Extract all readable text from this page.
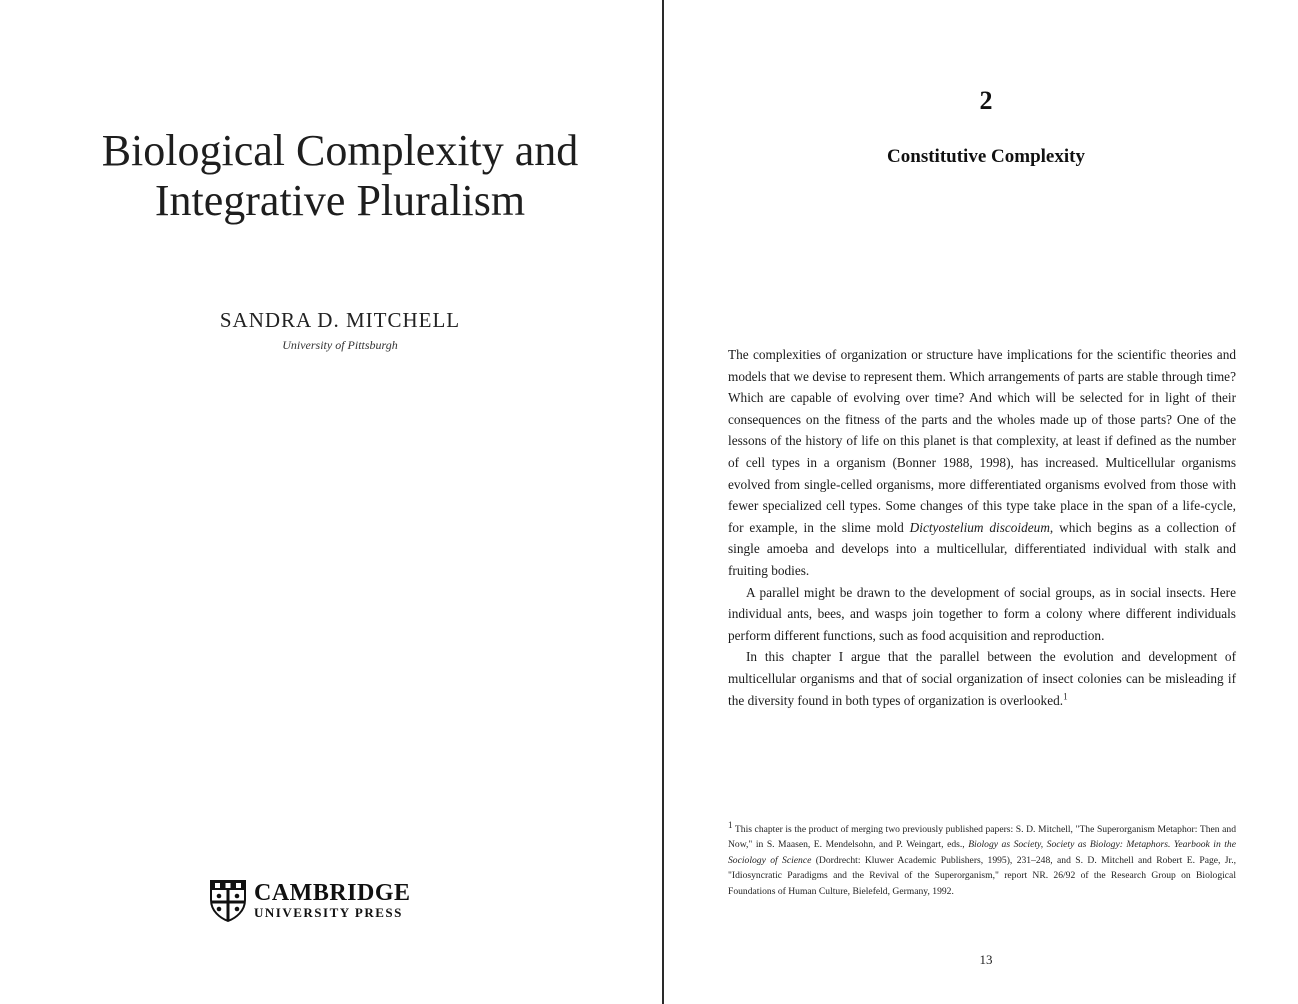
Biological Complexity and
Integrative Pluralism
SANDRA D. MITCHELL
University of Pittsburgh
CAMBRIDGE
UNIVERSITY PRESS
2
Constitutive Complexity

The complexities of organization or structure have implications for the scientific theories and models that we devise to represent them. Which arrangements of parts are stable through time? Which are capable of evolving over time? And which will be selected for in light of their consequences on the fitness of the parts and the wholes made up of those parts? One of the lessons of the history of life on this planet is that complexity, at least if defined as the number of cell types in a organism (Bonner 1988, 1998), has increased. Multicellular organisms evolved from single-celled organisms, more differentiated organisms evolved from those with fewer specialized cell types. Some changes of this type take place in the span of a life-cycle, for example, in the slime mold Dictyostelium discoideum, which begins as a collection of single amoeba and develops into a multicellular, differentiated individual with stalk and fruiting bodies.

A parallel might be drawn to the development of social groups, as in social insects. Here individual ants, bees, and wasps join together to form a colony where different individuals perform different functions, such as food acquisition and reproduction.

In this chapter I argue that the parallel between the evolution and development of multicellular organisms and that of social organization of insect colonies can be misleading if the diversity found in both types of organization is overlooked.$^1$

1 This chapter is the product of merging two previously published papers: S. D. Mitchell, "The Superorganism Metaphor: Then and Now," in S. Maasen, E. Mendelsohn, and P. Weingart, eds., Biology as Society, Society as Biology: Metaphors. Yearbook in the Sociology of Science (Dordrecht: Kluwer Academic Publishers, 1995), 231–248, and S. D. Mitchell and Robert E. Page, Jr., "Idiosyncratic Paradigms and the Revival of the Superorganism," report NR. 26/92 of the Research Group on Biological Foundations of Human Culture, Bielefeld, Germany, 1992.
13
